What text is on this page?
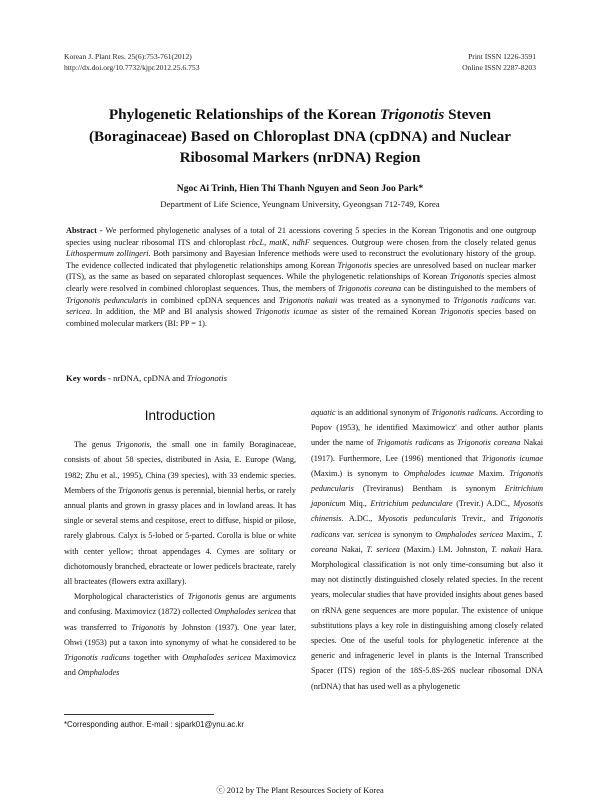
Korean J. Plant Res. 25(6):753-761(2012)
http://dx.doi.org/10.7732/kjpr.2012.25.6.753
Print ISSN 1226-3591
Online ISSN 2287-8203
Phylogenetic Relationships of the Korean Trigonotis Steven (Boraginaceae) Based on Chloroplast DNA (cpDNA) and Nuclear Ribosomal Markers (nrDNA) Region
Ngoc Ai Trinh, Hien Thi Thanh Nguyen and Seon Joo Park*
Department of Life Science, Yeungnam University, Gyeongsan 712-749, Korea
Abstract - We performed phylogenetic analyses of a total of 21 acessions covering 5 species in the Korean Trigonotis and one outgroup species using nuclear ribosomal ITS and chloroplast rbcL, matK, ndhF sequences. Outgroup were chosen from the closely related genus Lithospermum zollingeri. Both parsimony and Bayesian Inference methods were used to reconstruct the evolutionary history of the group. The evidence collected indicated that phylogenetic relationships among Korean Trigonotis species are unresolved based on nuclear marker (ITS), as the same as based on separated chloroplast sequences. While the phylogenetic relationships of Korean Trigonotis species almost clearly were resolved in combined chloroplast sequences. Thus, the members of Trigonotis coreana can be distinguished to the members of Trigonotis peduncularis in combined cpDNA sequences and Trigonotis nakaii was treated as a synonymed to Trigonotis radicans var. sericea. In addition, the MP and BI analysis showed Trigonotis icumae as sister of the remained Korean Trigonotis species based on combined molecular markers (BI: PP = 1).
Key words - nrDNA, cpDNA and Triogonotis
Introduction

The genus Trigonotis, the small one in family Boraginaceae, consists of about 58 species, distributed in Asia, E. Europe (Wang, 1982; Zhu et al., 1995), China (39 species), with 33 endemic species. Members of the Trigonotis genus is perennial, biennial herbs, or rarely annual plants and grown in grassy places and in lowland areas. It has single or several stems and cespitose, erect to diffuse, hispid or pilose, rarely glabrous. Calyx is 5-lobed or 5-parted. Corolla is blue or white with center yellow; throat appendages 4. Cymes are solitary or dichotomously branched, ebracteate or lower pedicels bracteate, rarely all bracteates (flowers extra axillary).

Morphological characteristics of Trigonotis genus are arguments and confusing. Maximovicz (1872) collected Omphalodes sericea that was transferred to Trigonotis by Johnston (1937). One year later, Ohwi (1953) put a taxon into synonymy of what he considered to be Trigonotis radicans together with Omphalodes sericea Maximovicz and Omphalodes

aquatic is an additional synonym of Trigonotis radicans. According to Popov (1953), he identified Maximowicz' and other author plants under the name of Trigomotis radicans as Trigonotis coreana Nakai (1917). Furthermore, Lee (1996) mentioned that Trigonotis icumae (Maxim.) is synonym to Omphalodes icumae Maxim. Trigonotis peduncularis (Treviranus) Bentham is synonym Eritrichium japonicum Miq., Eritrichium pedunculare (Trevir.) A.DC., Myosotis chinensis. A.DC., Myosotis peduncularis Trevir., and Trigonotis radicans var. sericea is synonym to Omphalodes sericea Maxim., T. coreana Nakai, T. sericea (Maxim.) I.M. Johnston, T. nakaii Hara. Morphological classification is not only time-consuming but also it may not distinctly distinguished closely related species. In the recent years, molecular studies that have provided insights about genes based on rRNA gene sequences are more popular. The existence of unique substitutions plays a key role in distinguishing among closely related species. One of the useful tools for phylogenetic inference at the generic and infrageneric level in plants is the Internal Transcribed Spacer (ITS) region of the 18S-5.8S-26S nuclear ribosomal DNA (nrDNA) that has used well as a phylogenetic

*Corresponding author. E-mail : sjpark01@ynu.ac.kr
ⓒ 2012 by The Plant Resources Society of Korea
